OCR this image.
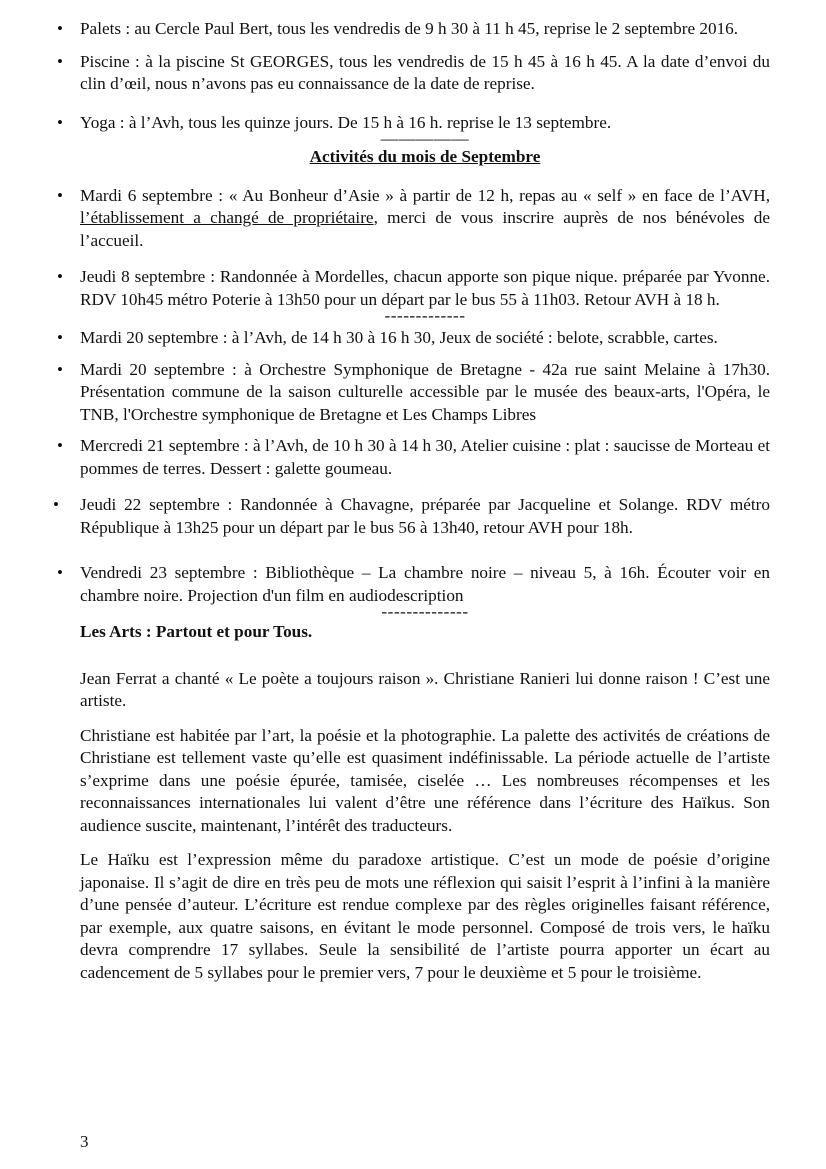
• Palets : au Cercle Paul Bert, tous les vendredis de 9 h 30 à 11 h 45, reprise le 2 septembre 2016.
• Piscine : à la piscine St GEORGES, tous les vendredis de 15 h 45 à 16 h 45. A la date d’envoi du clin d’œil, nous n’avons pas eu connaissance de la date de reprise.
• Yoga : à l’Avh, tous les quinze jours. De 15 h à 16 h. reprise le 13 septembre.
—————
Activités du mois de Septembre
• Mardi 6 septembre : « Au Bonheur d’Asie » à partir de 12 h, repas au « self » en face de l’AVH, l’établissement a changé de propriétaire, merci de vous inscrire auprès de nos bénévoles de l’accueil.
• Jeudi 8 septembre : Randonnée à Mordelles, chacun apporte son pique nique. préparée par Yvonne. RDV 10h45 métro Poterie à 13h50 pour un départ par le bus 55 à 11h03. Retour AVH à 18 h.
-------------
• Mardi 20 septembre : à l’Avh, de 14 h 30 à 16 h 30, Jeux de société : belote, scrabble, cartes.
• Mardi 20 septembre : à Orchestre Symphonique de Bretagne - 42a rue saint Melaine à 17h30. Présentation commune de la saison culturelle accessible par le musée des beaux-arts, l'Opéra, le TNB, l'Orchestre symphonique de Bretagne et Les Champs Libres
• Mercredi 21 septembre : à l’Avh, de 10 h 30 à 14 h 30, Atelier cuisine : plat : saucisse de Morteau et pommes de terres. Dessert : galette goumeau.
• Jeudi 22 septembre : Randonnée à Chavagne, préparée par Jacqueline et Solange. RDV métro République à 13h25 pour un départ par le bus 56 à 13h40, retour AVH pour 18h.
• Vendredi 23 septembre : Bibliothèque – La chambre noire – niveau 5, à 16h. Écouter voir en chambre noire. Projection d'un film en audiodescription
--------------
Les Arts : Partout et pour Tous.

Jean Ferrat a chanté « Le poète a toujours raison ». Christiane Ranieri lui donne raison ! C’est une artiste.

Christiane est habitée par l’art, la poésie et la photographie. La palette des activités de créations de Christiane est tellement vaste qu’elle est quasiment indéfinissable. La période actuelle de l’artiste s’exprime dans une poésie épurée, tamisée, ciselée … Les nombreuses récompenses et les reconnaissances internationales lui valent d’être une référence dans l’écriture des Haïkus. Son audience suscite, maintenant, l’intérêt des traducteurs.

Le Haïku est l’expression même du paradoxe artistique. C’est un mode de poésie d’origine japonaise. Il s’agit de dire en très peu de mots une réflexion qui saisit l’esprit à l’infini à la manière d’une pensée d’auteur. L’écriture est rendue complexe par des règles originelles faisant référence, par exemple, aux quatre saisons, en évitant le mode personnel. Composé de trois vers, le haïku devra comprendre 17 syllabes. Seule la sensibilité de l’artiste pourra apporter un écart au cadencement de 5 syllabes pour le premier vers, 7 pour le deuxième et 5 pour le troisième.

3
